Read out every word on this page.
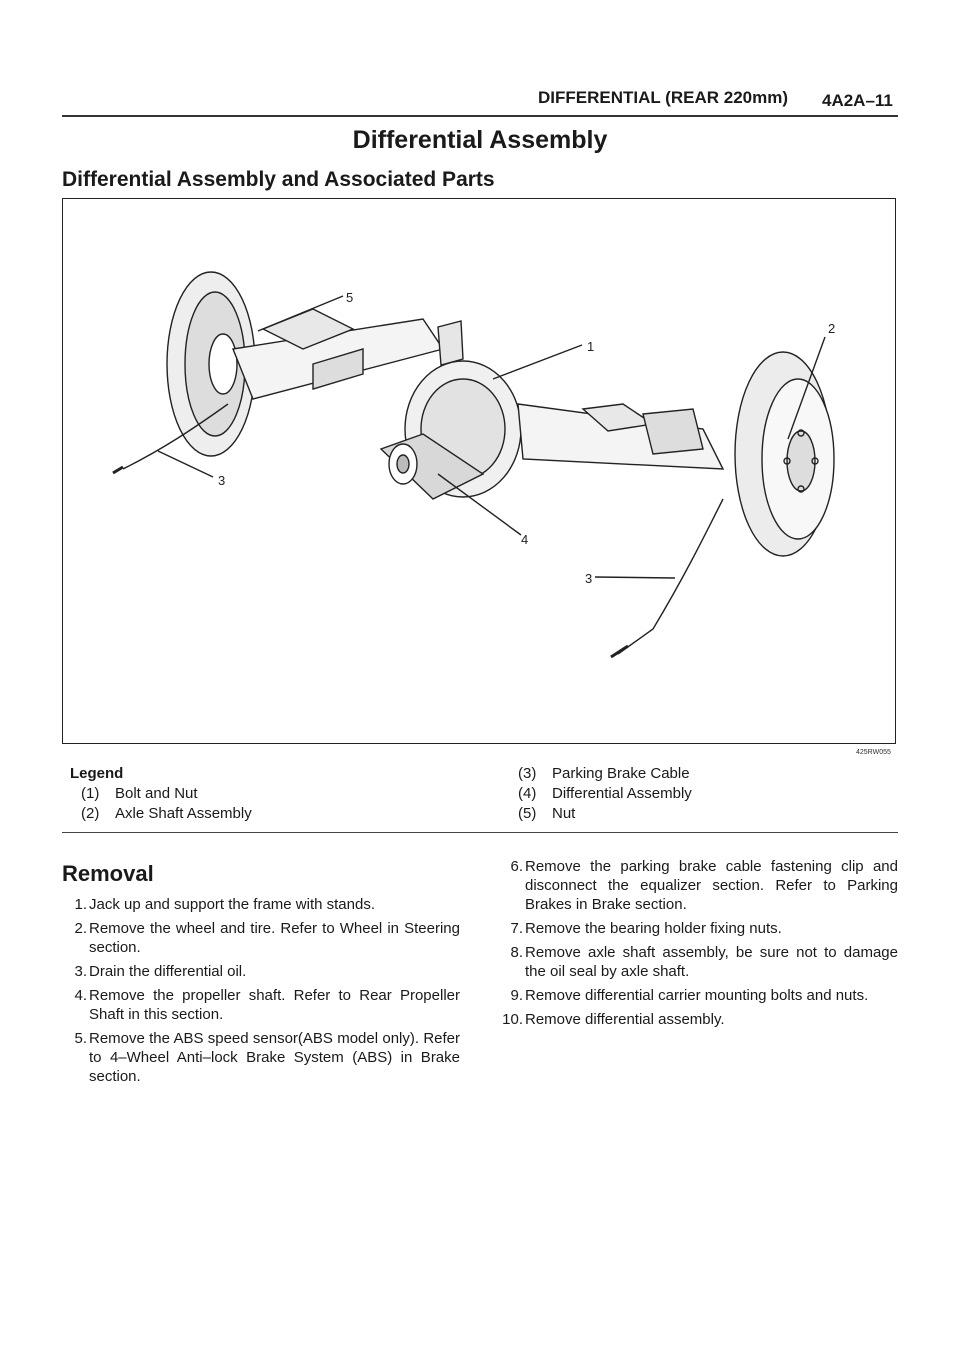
DIFFERENTIAL (REAR 220mm) 4A2A–11
Differential Assembly
Differential Assembly and Associated Parts
5
2
1
3
4
3
425RW055
Legend
(1) Bolt and Nut
(2) Axle Shaft Assembly
(3) Parking Brake Cable
(4) Differential Assembly
(5) Nut
Removal
1. Jack up and support the frame with stands.
2. Remove the wheel and tire. Refer to Wheel in Steering section.
3. Drain the differential oil.
4. Remove the propeller shaft. Refer to Rear Propeller Shaft in this section.
5. Remove the ABS speed sensor(ABS model only). Refer to 4–Wheel Anti–lock Brake System (ABS) in Brake section.
6. Remove the parking brake cable fastening clip and disconnect the equalizer section. Refer to Parking Brakes in Brake section.
7. Remove the bearing holder fixing nuts.
8. Remove axle shaft assembly, be sure not to damage the oil seal by axle shaft.
9. Remove differential carrier mounting bolts and nuts.
10. Remove differential assembly.
